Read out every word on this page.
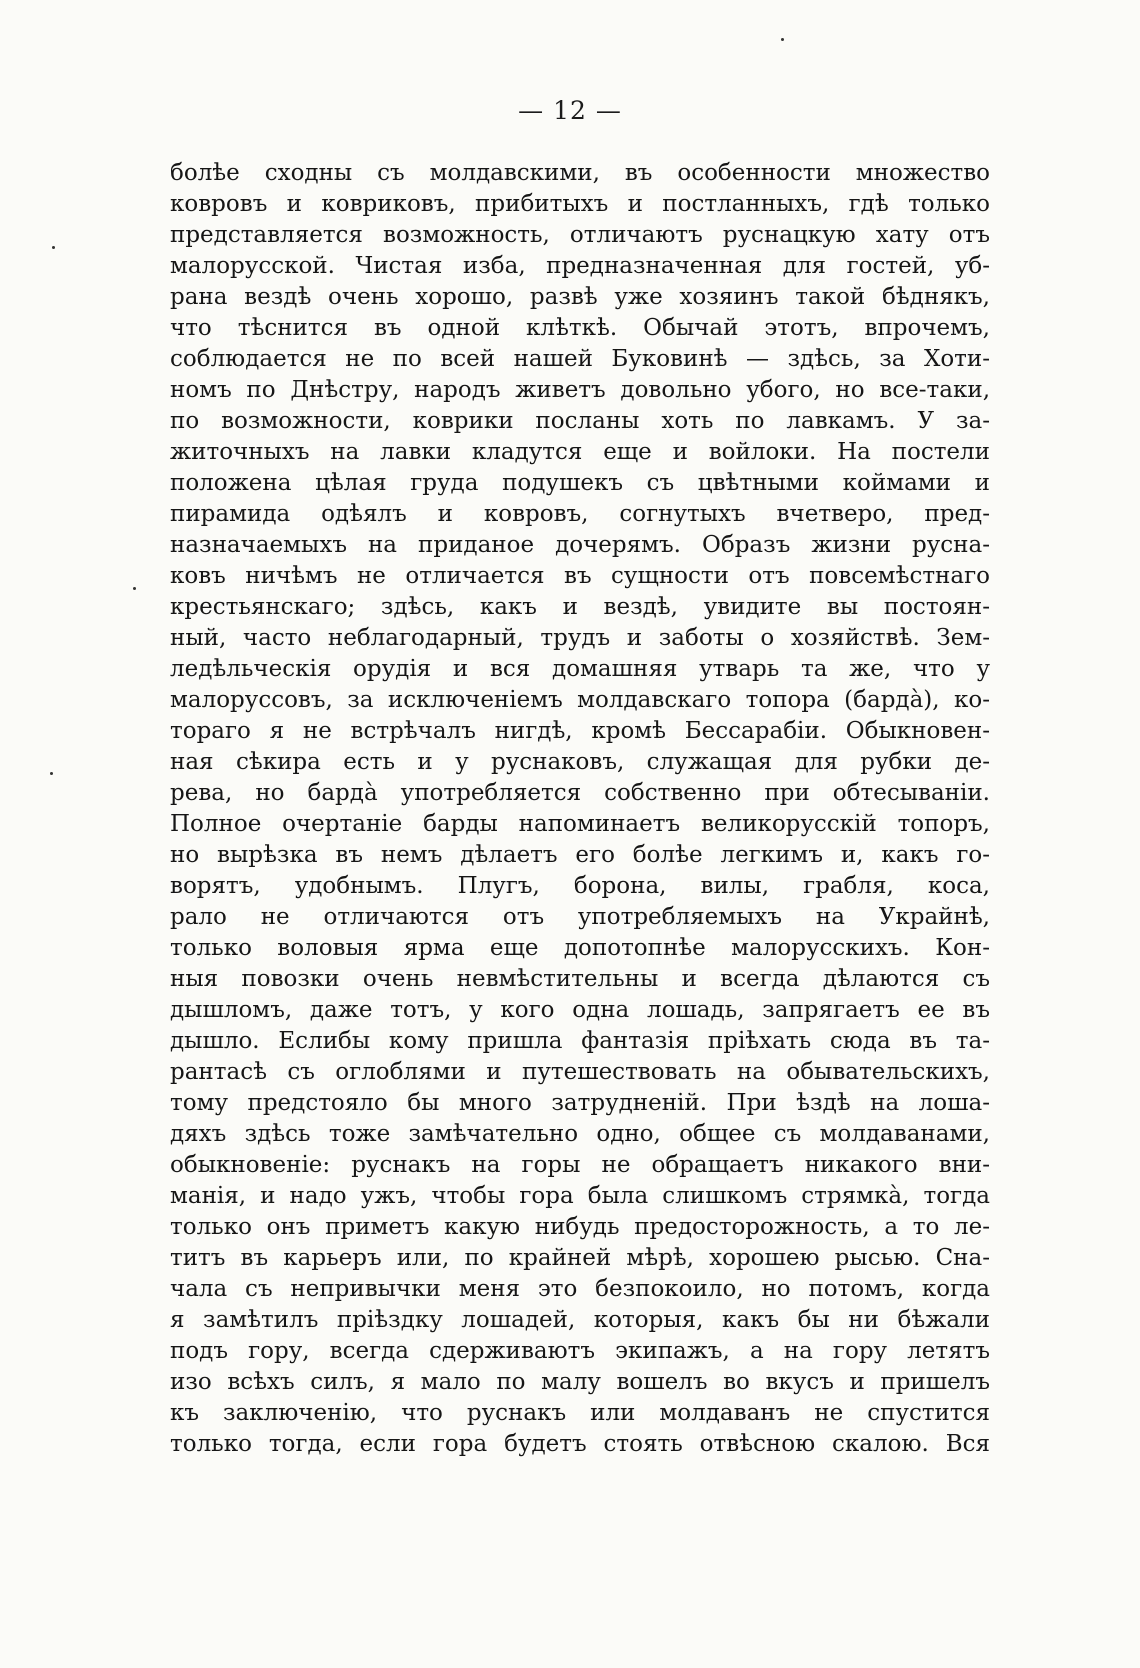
— 12 —
болѣе сходны съ молдавскими, въ особенности множество
ковровъ и ковриковъ, прибитыхъ и постланныхъ, гдѣ только
представляется возможность, отличаютъ руснацкую хату отъ
малорусской. Чистая изба, предназначенная для гостей, уб-
рана вездѣ очень хорошо, развѣ уже хозяинъ такой бѣднякъ,
что тѣснится въ одной клѣткѣ. Обычай этотъ, впрочемъ,
соблюдается не по всей нашей Буковинѣ — здѣсь, за Хоти-
номъ по Днѣстру, народъ живетъ довольно убого, но все-таки,
по возможности, коврики посланы хоть по лавкамъ. У за-
житочныхъ на лавки кладутся еще и войлоки. На постели
положена цѣлая груда подушекъ съ цвѣтными коймами и
пирамида одѣялъ и ковровъ, согнутыхъ вчетверо, пред-
назначаемыхъ на приданое дочерямъ. Образъ жизни русна-
ковъ ничѣмъ не отличается въ сущности отъ повсемѣстнаго
крестьянскаго; здѣсь, какъ и вездѣ, увидите вы постоян-
ный, часто неблагодарный, трудъ и заботы о хозяйствѣ. Зем-
ледѣльческія орудія и вся домашняя утварь та же, что у
малоруссовъ, за исключеніемъ молдавскаго топора (бардà), ко-
тораго я не встрѣчалъ нигдѣ, кромѣ Бессарабіи. Обыкновен-
ная сѣкира есть и у руснаковъ, служащая для рубки де-
рева, но бардà употребляется собственно при обтесываніи.
Полное очертаніе барды напоминаетъ великорусскій топоръ,
но вырѣзка въ немъ дѣлаетъ его болѣе легкимъ и, какъ го-
ворятъ, удобнымъ. Плугъ, борона, вилы, грабля, коса,
рало не отличаются отъ употребляемыхъ на Украйнѣ,
только воловыя ярма еще допотопнѣе малорусскихъ. Кон-
ныя повозки очень невмѣстительны и всегда дѣлаются съ
дышломъ, даже тотъ, у кого одна лошадь, запрягаетъ ее въ
дышло. Еслибы кому пришла фантазія пріѣхать сюда въ та-
рантасѣ съ оглоблями и путешествовать на обывательскихъ,
тому предстояло бы много затрудненій. При ѣздѣ на лоша-
дяхъ здѣсь тоже замѣчательно одно, общее съ молдаванами,
обыкновеніе: руснакъ на горы не обращаетъ никакого вни-
манія, и надо ужъ, чтобы гора была слишкомъ стрямкà, тогда
только онъ приметъ какую нибудь предосторожность, а то ле-
титъ въ карьеръ или, по крайней мѣрѣ, хорошею рысью. Сна-
чала съ непривычки меня это безпокоило, но потомъ, когда
я замѣтилъ пріѣздку лошадей, которыя, какъ бы ни бѣжали
подъ гору, всегда сдерживаютъ экипажъ, а на гору летятъ
изо всѣхъ силъ, я мало по малу вошелъ во вкусъ и пришелъ
къ заключенію, что руснакъ или молдаванъ не спустится
только тогда, если гора будетъ стоять отвѣсною скалою. Вся
